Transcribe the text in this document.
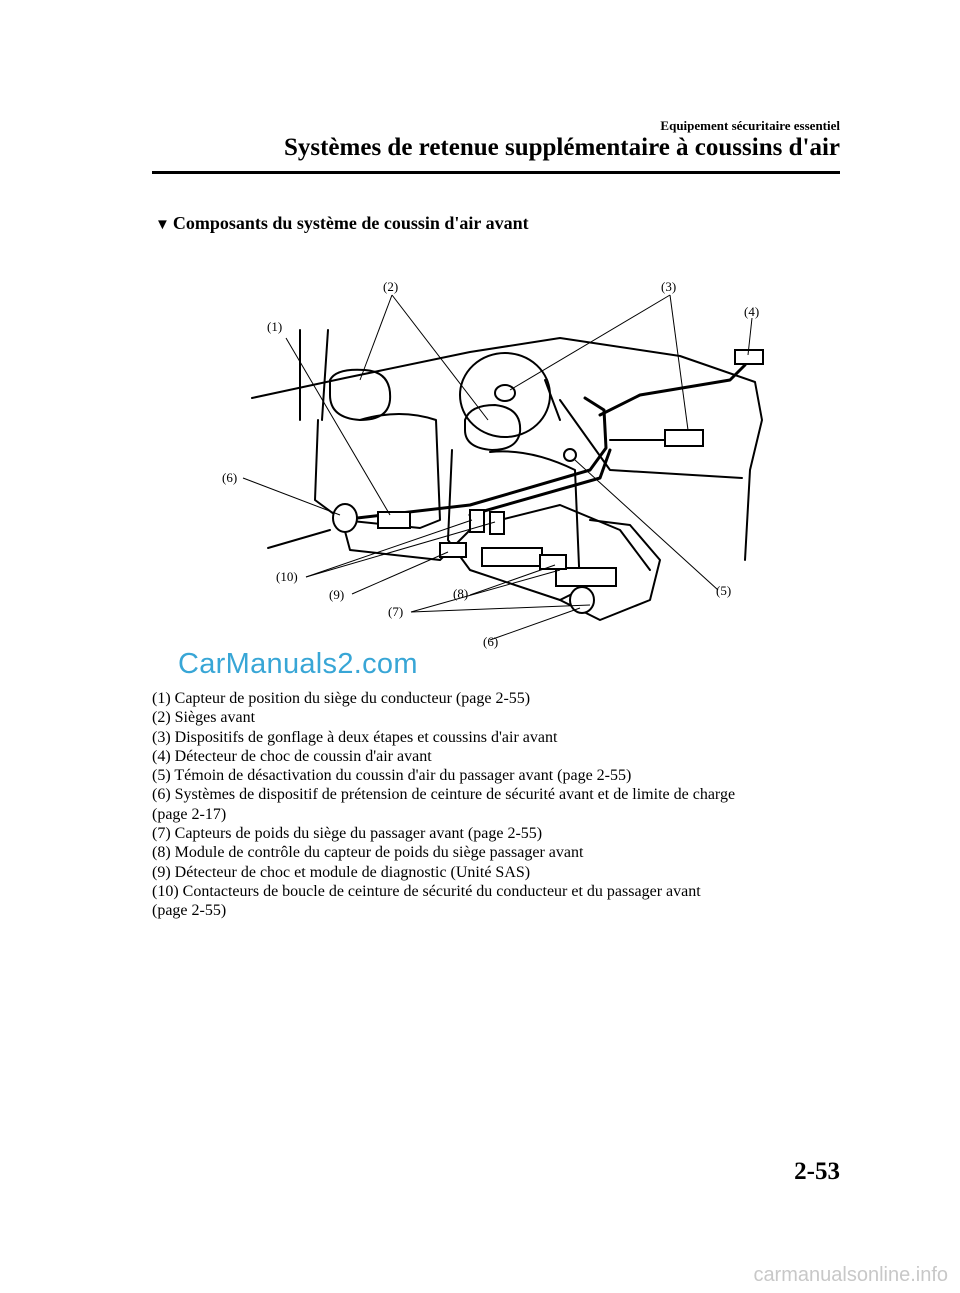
Equipement sécuritaire essentiel
Systèmes de retenue supplémentaire à coussins d'air
▼ Composants du système de coussin d'air avant
(1)
(2)	(3)
(4)
(5)
(6)
(6)
(7)
(8)
(9)
(10)
CarManuals2.com
(1) Capteur de position du siège du conducteur (page 2-55)
(2) Sièges avant
(3) Dispositifs de gonflage à deux étapes et coussins d'air avant
(4) Détecteur de choc de coussin d'air avant
(5) Témoin de désactivation du coussin d'air du passager avant (page 2-55)
(6) Systèmes de dispositif de prétension de ceinture de sécurité avant et de limite de charge
(page 2-17)
(7) Capteurs de poids du siège du passager avant (page 2-55)
(8) Module de contrôle du capteur de poids du siège passager avant
(9) Détecteur de choc et module de diagnostic (Unité SAS)
(10) Contacteurs de boucle de ceinture de sécurité du conducteur et du passager avant
(page 2-55)
2-53
carmanualsonline.info
